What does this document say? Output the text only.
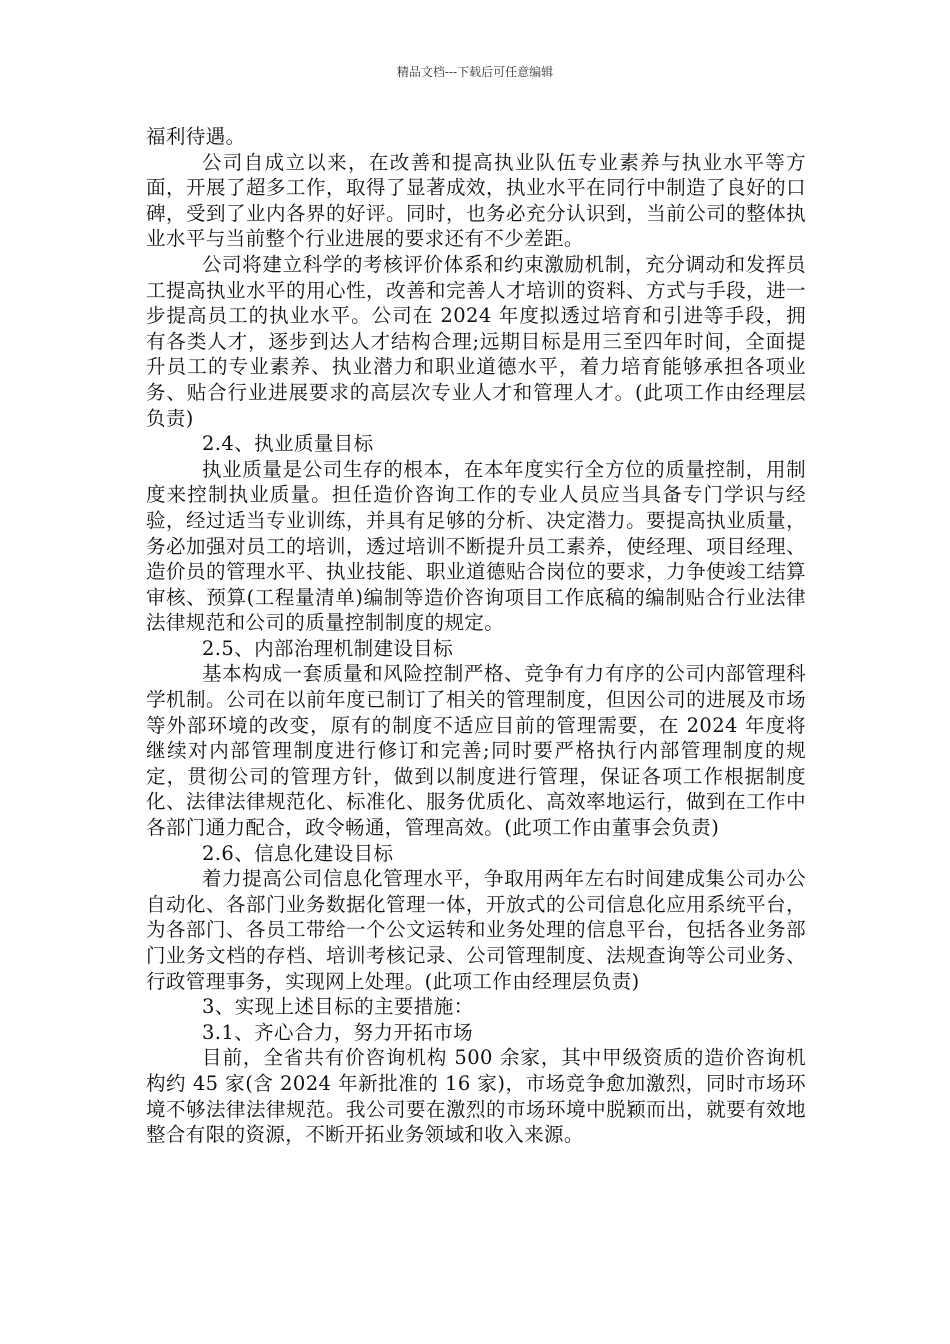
精品文档---下载后可任意编辑

福利待遇。

公司自成立以来，在改善和提高执业队伍专业素养与执业水平等方面，开展了超多工作，取得了显著成效，执业水平在同行中制造了良好的口碑，受到了业内各界的好评。同时，也务必充分认识到，当前公司的整体执业水平与当前整个行业进展的要求还有不少差距。

公司将建立科学的考核评价体系和约束激励机制，充分调动和发挥员工提高执业水平的用心性，改善和完善人才培训的资料、方式与手段，进一步提高员工的执业水平。公司在 2024 年度拟透过培育和引进等手段，拥有各类人才，逐步到达人才结构合理;远期目标是用三至四年时间，全面提升员工的专业素养、执业潜力和职业道德水平，着力培育能够承担各项业务、贴合行业进展要求的高层次专业人才和管理人才。(此项工作由经理层负责)

2.4、执业质量目标

执业质量是公司生存的根本，在本年度实行全方位的质量控制，用制度来控制执业质量。担任造价咨询工作的专业人员应当具备专门学识与经验，经过适当专业训练，并具有足够的分析、决定潜力。要提高执业质量，务必加强对员工的培训，透过培训不断提升员工素养，使经理、项目经理、造价员的管理水平、执业技能、职业道德贴合岗位的要求，力争使竣工结算审核、预算(工程量清单)编制等造价咨询项目工作底稿的编制贴合行业法律法律规范和公司的质量控制制度的规定。

2.5、内部治理机制建设目标

基本构成一套质量和风险控制严格、竞争有力有序的公司内部管理科学机制。公司在以前年度已制订了相关的管理制度，但因公司的进展及市场等外部环境的改变，原有的制度不适应目前的管理需要，在 2024 年度将继续对内部管理制度进行修订和完善;同时要严格执行内部管理制度的规定，贯彻公司的管理方针，做到以制度进行管理，保证各项工作根据制度化、法律法律规范化、标准化、服务优质化、高效率地运行，做到在工作中各部门通力配合，政令畅通，管理高效。(此项工作由董事会负责)

2.6、信息化建设目标

着力提高公司信息化管理水平，争取用两年左右时间建成集公司办公自动化、各部门业务数据化管理一体，开放式的公司信息化应用系统平台，为各部门、各员工带给一个公文运转和业务处理的信息平台，包括各业务部门业务文档的存档、培训考核记录、公司管理制度、法规查询等公司业务、行政管理事务，实现网上处理。(此项工作由经理层负责)

3、实现上述目标的主要措施：

3.1、齐心合力，努力开拓市场

目前，全省共有价咨询机构 500 余家，其中甲级资质的造价咨询机构约 45 家(含 2024 年新批准的 16 家)，市场竞争愈加激烈，同时市场环境不够法律法律规范。我公司要在激烈的市场环境中脱颖而出，就要有效地整合有限的资源，不断开拓业务领域和收入来源。
